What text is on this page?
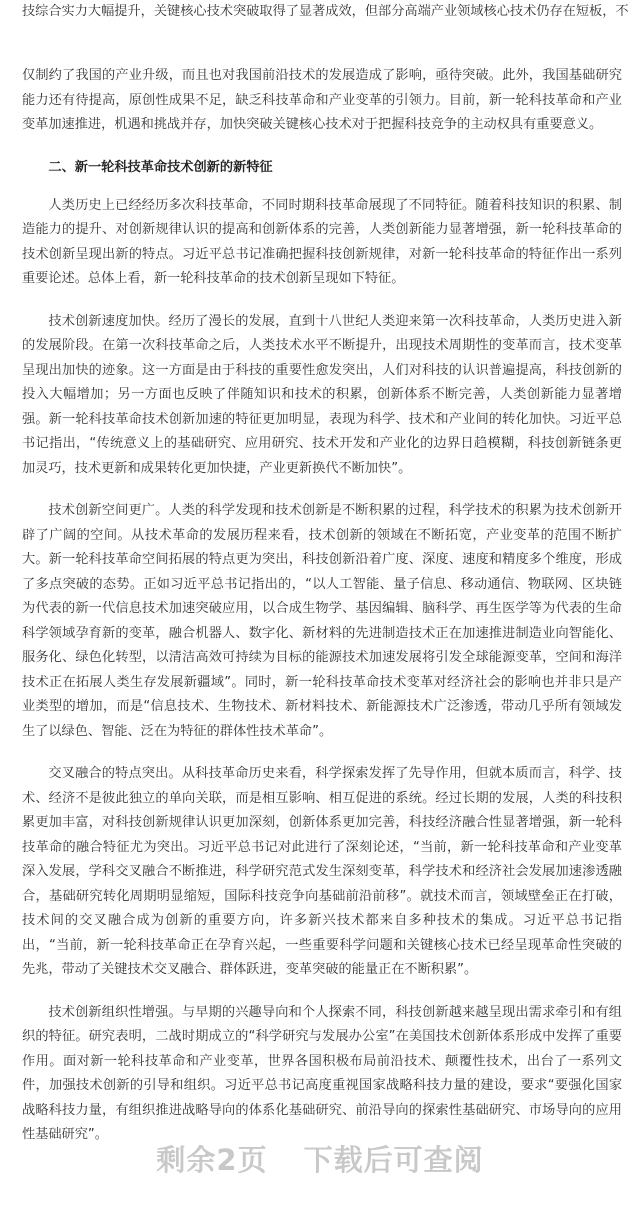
技综合实力大幅提升，关键核心技术突破取得了显著成效，但部分高端产业领域核心技术仍存在短板，不

仅制约了我国的产业升级，而且也对我国前沿技术的发展造成了影响，亟待突破。此外，我国基础研究能力还有待提高，原创性成果不足，缺乏科技革命和产业变革的引领力。目前，新一轮科技革命和产业变革加速推进，机遇和挑战并存，加快突破关键核心技术对于把握科技竞争的主动权具有重要意义。

二、新一轮科技革命技术创新的新特征

人类历史上已经经历多次科技革命，不同时期科技革命展现了不同特征。随着科技知识的积累、制造能力的提升、对创新规律认识的提高和创新体系的完善，人类创新能力显著增强，新一轮科技革命的技术创新呈现出新的特点。习近平总书记准确把握科技创新规律，对新一轮科技革命的特征作出一系列重要论述。总体上看，新一轮科技革命的技术创新呈现如下特征。

技术创新速度加快。经历了漫长的发展，直到十八世纪人类迎来第一次科技革命，人类历史进入新的发展阶段。在第一次科技革命之后，人类技术水平不断提升，出现技术周期性的变革而言，技术变革呈现出加快的迹象。这一方面是由于科技的重要性愈发突出，人们对科技的认识普遍提高，科技创新的投入大幅增加；另一方面也反映了伴随知识和技术的积累，创新体系不断完善，人类创新能力显著增强。新一轮科技革命技术创新加速的特征更加明显，表现为科学、技术和产业间的转化加快。习近平总书记指出，“传统意义上的基础研究、应用研究、技术开发和产业化的边界日趋模糊，科技创新链条更加灵巧，技术更新和成果转化更加快捷，产业更新换代不断加快”。

技术创新空间更广。人类的科学发现和技术创新是不断积累的过程，科学技术的积累为技术创新开辟了广阔的空间。从技术革命的发展历程来看，技术创新的领域在不断拓宽，产业变革的范围不断扩大。新一轮科技革命空间拓展的特点更为突出，科技创新沿着广度、深度、速度和精度多个维度，形成了多点突破的态势。正如习近平总书记指出的，“以人工智能、量子信息、移动通信、物联网、区块链为代表的新一代信息技术加速突破应用，以合成生物学、基因编辑、脑科学、再生医学等为代表的生命科学领域孕育新的变革，融合机器人、数字化、新材料的先进制造技术正在加速推进制造业向智能化、服务化、绿色化转型，以清洁高效可持续为目标的能源技术加速发展将引发全球能源变革，空间和海洋技术正在拓展人类生存发展新疆域”。同时，新一轮科技革命技术变革对经济社会的影响也并非只是产业类型的增加，而是“信息技术、生物技术、新材料技术、新能源技术广泛渗透，带动几乎所有领域发生了以绿色、智能、泛在为特征的群体性技术革命”。

交叉融合的特点突出。从科技革命历史来看，科学探索发挥了先导作用，但就本质而言，科学、技术、经济不是彼此独立的单向关联，而是相互影响、相互促进的系统。经过长期的发展，人类的科技积累更加丰富，对科技创新规律认识更加深刻，创新体系更加完善，科技经济融合性显著增强，新一轮科技革命的融合特征尤为突出。习近平总书记对此进行了深刻论述，“当前，新一轮科技革命和产业变革深入发展，学科交叉融合不断推进，科学研究范式发生深刻变革，科学技术和经济社会发展加速渗透融合，基础研究转化周期明显缩短，国际科技竞争向基础前沿前移”。就技术而言，领域壁垒正在打破，技术间的交叉融合成为创新的重要方向，许多新兴技术都来自多种技术的集成。习近平总书记指出，“当前，新一轮科技革命正在孕育兴起，一些重要科学问题和关键核心技术已经呈现革命性突破的先兆，带动了关键技术交叉融合、群体跃进，变革突破的能量正在不断积累”。

技术创新组织性增强。与早期的兴趣导向和个人探索不同，科技创新越来越呈现出需求牵引和有组织的特征。研究表明，二战时期成立的“科学研究与发展办公室”在美国技术创新体系形成中发挥了重要作用。面对新一轮科技革命和产业变革，世界各国积极布局前沿技术、颠覆性技术，出台了一系列文件，加强技术创新的引导和组织。习近平总书记高度重视国家战略科技力量的建设，要求“要强化国家战略科技力量，有组织推进战略导向的体系化基础研究、前沿导向的探索性基础研究、市场导向的应用性基础研究”。

剩余2页 下载后可查阅
